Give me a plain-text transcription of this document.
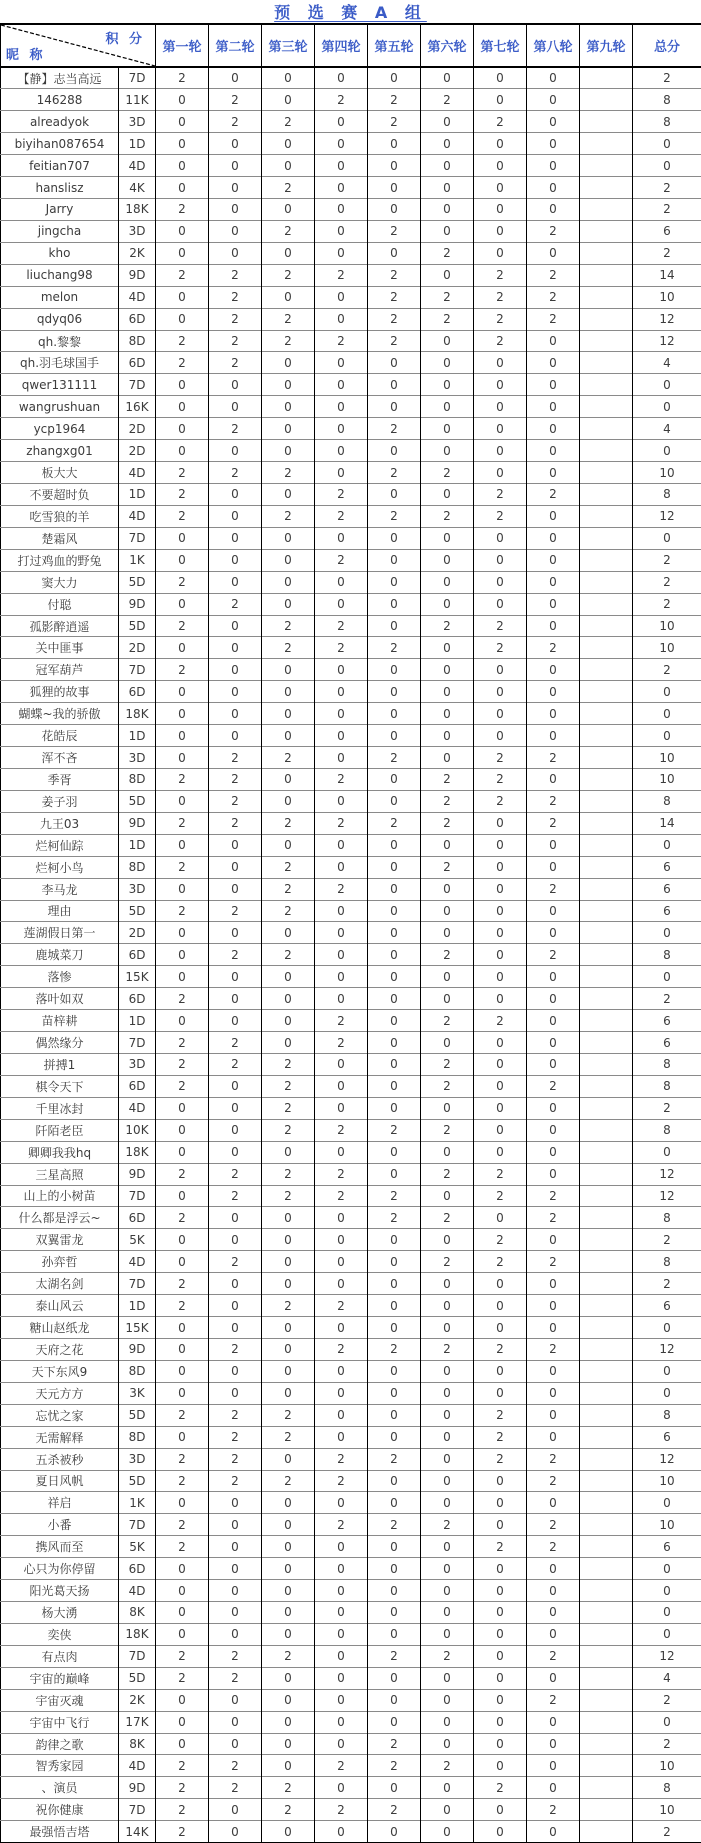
预 选 赛 A 组
积 分
昵 称		第一轮	第二轮	第三轮	第四轮	第五轮	第六轮	第七轮	第八轮	第九轮	总分
【静】志当高远	7D	2	0	0	0	0	0	0	0		2
146288	11K	0	2	0	2	2	2	0	0		8
alreadyok	3D	0	2	2	0	2	0	2	0		8
biyihan087654	1D	0	0	0	0	0	0	0	0		0
feitian707	4D	0	0	0	0	0	0	0	0		0
hanslisz	4K	0	0	2	0	0	0	0	0		2
Jarry	18K	2	0	0	0	0	0	0	0		2
jingcha	3D	0	0	2	0	2	0	0	2		6
kho	2K	0	0	0	0	0	2	0	0		2
liuchang98	9D	2	2	2	2	2	0	2	2		14
melon	4D	0	2	0	0	2	2	2	2		10
qdyq06	6D	0	2	2	0	2	2	2	2		12
qh.黎黎	8D	2	2	2	2	2	0	2	0		12
qh.羽毛球国手	6D	2	2	0	0	0	0	0	0		4
qwer131111	7D	0	0	0	0	0	0	0	0		0
wangrushuan	16K	0	0	0	0	0	0	0	0		0
ycp1964	2D	0	2	0	0	2	0	0	0		4
zhangxg01	2D	0	0	0	0	0	0	0	0		0
板大大	4D	2	2	2	0	2	2	0	0		10
不要超时负	1D	2	0	0	2	0	0	2	2		8
吃雪狼的羊	4D	2	0	2	2	2	2	2	0		12
楚霜风	7D	0	0	0	0	0	0	0	0		0
打过鸡血的野兔	1K	0	0	0	2	0	0	0	0		2
窦大力	5D	2	0	0	0	0	0	0	0		2
付聪	9D	0	2	0	0	0	0	0	0		2
孤影醉逍遥	5D	2	0	2	2	0	2	2	0		10
关中匪事	2D	0	0	2	2	2	0	2	2		10
冠军葫芦	7D	2	0	0	0	0	0	0	0		2
狐狸的故事	6D	0	0	0	0	0	0	0	0		0
蝴蝶~我的骄傲	18K	0	0	0	0	0	0	0	0		0
花皓辰	1D	0	0	0	0	0	0	0	0		0
浑不吝	3D	0	2	2	0	2	0	2	2		10
季胥	8D	2	2	0	2	0	2	2	0		10
姜子羽	5D	0	2	0	0	0	2	2	2		8
九王03	9D	2	2	2	2	2	2	0	2		14
烂柯仙踪	1D	0	0	0	0	0	0	0	0		0
烂柯小鸟	8D	2	0	2	0	0	2	0	0		6
李马龙	3D	0	0	2	2	0	0	0	2		6
理由	5D	2	2	2	0	0	0	0	0		6
莲湖假日第一	2D	0	0	0	0	0	0	0	0		0
鹿城菜刀	6D	0	2	2	0	0	2	0	2		8
落惨	15K	0	0	0	0	0	0	0	0		0
落叶如双	6D	2	0	0	0	0	0	0	0		2
苗梓耕	1D	0	0	0	2	0	2	2	0		6
偶然缘分	7D	2	2	0	2	0	0	0	0		6
拼搏1	3D	2	2	2	0	0	2	0	0		8
棋令天下	6D	2	0	2	0	0	2	0	2		8
千里冰封	4D	0	0	2	0	0	0	0	0		2
阡陌老臣	10K	0	0	2	2	2	2	0	0		8
卿卿我我hq	18K	0	0	0	0	0	0	0	0		0
三星高照	9D	2	2	2	2	0	2	2	0		12
山上的小树苗	7D	0	2	2	2	2	0	2	2		12
什么都是浮云~	6D	2	0	0	0	2	2	0	2		8
双翼雷龙	5K	0	0	0	0	0	0	2	0		2
孙弈哲	4D	0	2	0	0	0	2	2	2		8
太湖名剑	7D	2	0	0	0	0	0	0	0		2
泰山风云	1D	2	0	2	2	0	0	0	0		6
糖山赵纸龙	15K	0	0	0	0	0	0	0	0		0
天府之花	9D	0	2	0	2	2	2	2	2		12
天下东风9	8D	0	0	0	0	0	0	0	0		0
天元方方	3K	0	0	0	0	0	0	0	0		0
忘忧之家	5D	2	2	2	0	0	0	2	0		8
无需解释	8D	0	2	2	0	0	0	2	0		6
五杀被秒	3D	2	2	0	2	2	0	2	2		12
夏日风帆	5D	2	2	2	2	0	0	0	2		10
祥启	1K	0	0	0	0	0	0	0	0		0
小番	7D	2	0	0	2	2	2	0	2		10
携风而至	5K	2	0	0	0	0	0	2	2		6
心只为你停留	6D	0	0	0	0	0	0	0	0		0
阳光葛天扬	4D	0	0	0	0	0	0	0	0		0
杨大湧	8K	0	0	0	0	0	0	0	0		0
奕侠	18K	0	0	0	0	0	0	0	0		0
有点肉	7D	2	2	2	0	2	2	0	2		12
宇宙的巅峰	5D	2	2	0	0	0	0	0	0		4
宇宙灭魂	2K	0	0	0	0	0	0	0	2		2
宇宙中飞行	17K	0	0	0	0	0	0	0	0		0
韵律之歌	8K	0	0	0	0	2	0	0	0		2
智秀家园	4D	2	2	0	2	2	2	0	0		10
、演员	9D	2	2	2	0	0	0	2	0		8
祝你健康	7D	2	0	2	2	2	0	0	2		10
最强悟吉塔	14K	2	0	0	0	0	0	0	0		2
